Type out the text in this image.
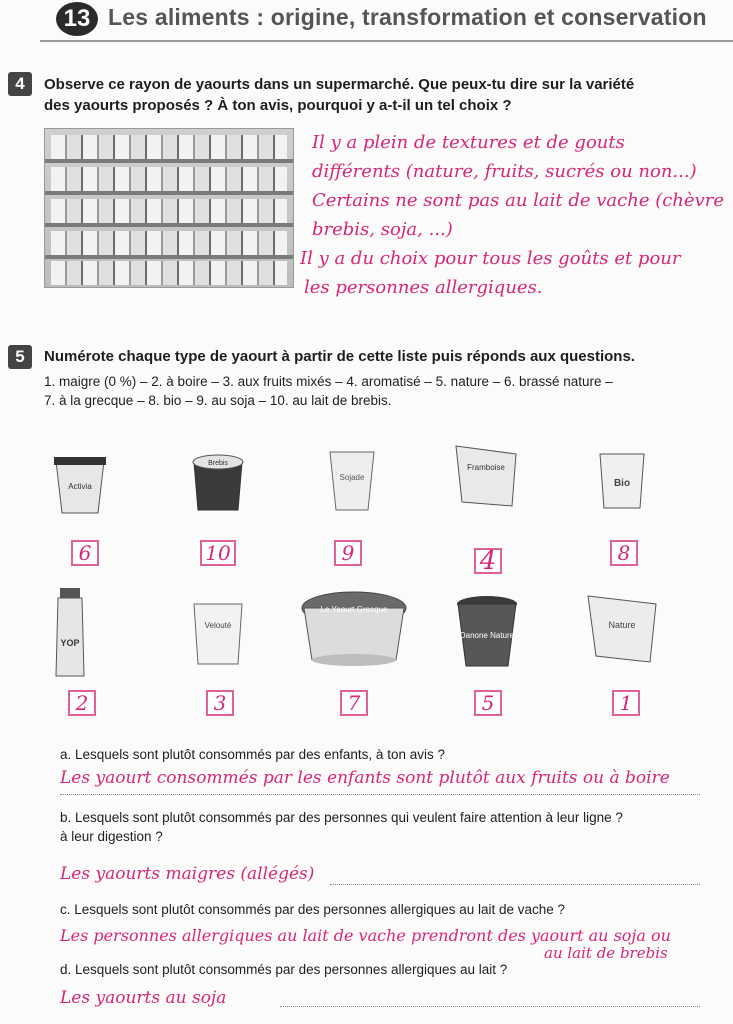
13 Les aliments : origine, transformation et conservation
4	Observe ce rayon de yaourts dans un supermarché. Que peux-tu dire sur la variété
des yaourts proposés ? À ton avis, pourquoi y a-t-il un tel choix ?
Il y a plein de textures et de gouts
différents (nature, fruits, sucrés ou non...)
Certains ne sont pas au lait de vache (chèvre
brebis, soja, ...)
Il y a du choix pour tous les goûts et pour
les personnes allergiques.
5	Numérote chaque type de yaourt à partir de cette liste puis réponds aux questions.
1. maigre (0 %) – 2. à boire – 3. aux fruits mixés – 4. aromatisé – 5. nature – 6. brassé nature –
7. à la grecque – 8. bio – 9. au soja – 10. au lait de brebis.
Activia
Brebis
Sojade
Framboise
Bio
6	10	9	4	8
YOP
Velouté
Le Yaourt Grecque
Danone Nature
Nature
2	3	7	5	1
a. Lesquels sont plutôt consommés par des enfants, à ton avis ?
Les yaourt consommés par les enfants sont plutôt aux fruits ou à boire
b. Lesquels sont plutôt consommés par des personnes qui veulent faire attention à leur ligne ?
à leur digestion ?
Les yaourts maigres (allégés)
c. Lesquels sont plutôt consommés par des personnes allergiques au lait de vache ?
Les personnes allergiques au lait de vache prendront des yaourt au soja ou
au lait de brebis
d. Lesquels sont plutôt consommés par des personnes allergiques au lait ?
Les yaourts au soja
